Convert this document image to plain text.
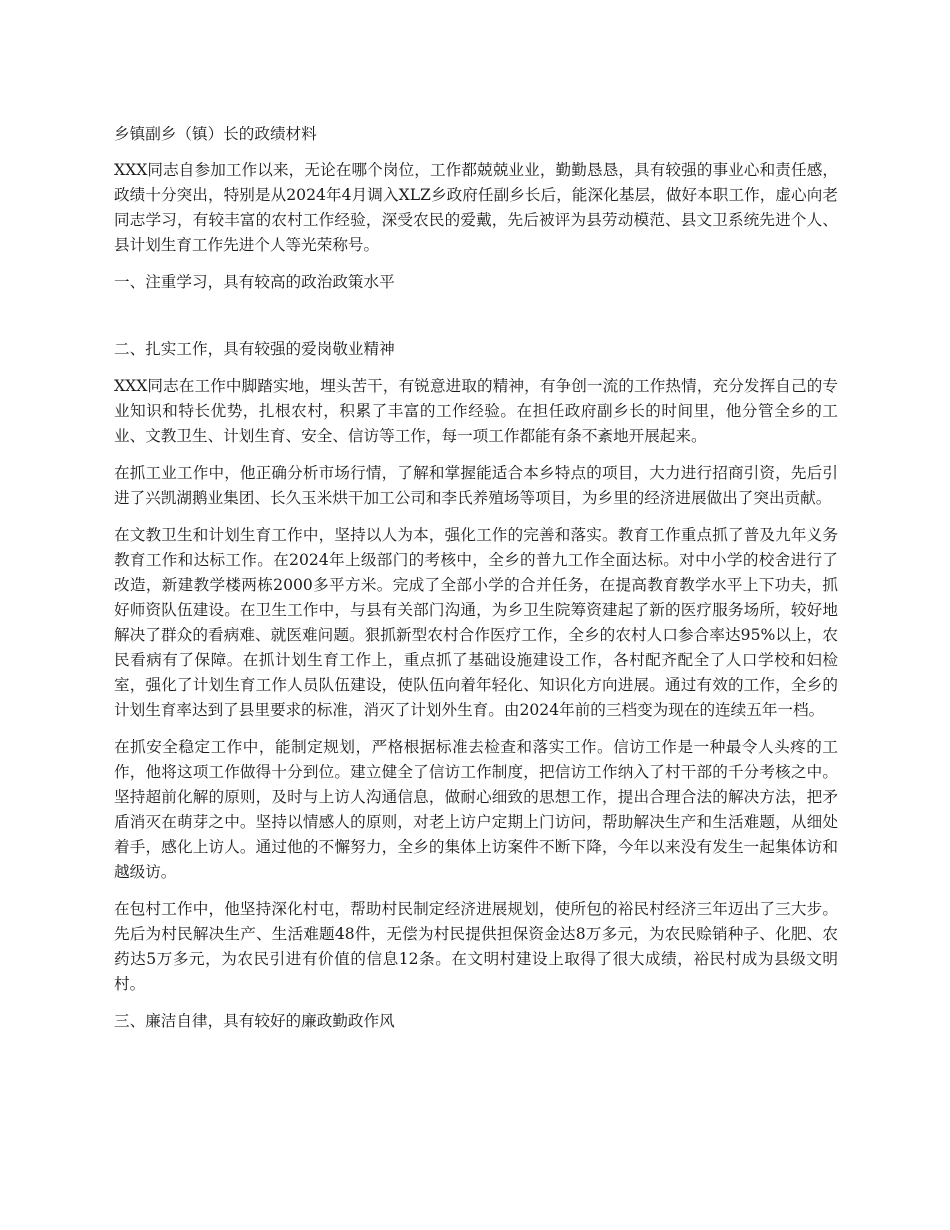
乡镇副乡（镇）长的政绩材料

XXX同志自参加工作以来，无论在哪个岗位，工作都兢兢业业，勤勤恳恳，具有较强的事业心和责任感，政绩十分突出，特别是从2024年4月调入XLZ乡政府任副乡长后，能深化基层，做好本职工作，虚心向老同志学习，有较丰富的农村工作经验，深受农民的爱戴，先后被评为县劳动模范、县文卫系统先进个人、县计划生育工作先进个人等光荣称号。

一、注重学习，具有较高的政治政策水平

二、扎实工作，具有较强的爱岗敬业精神

XXX同志在工作中脚踏实地，埋头苦干，有锐意进取的精神，有争创一流的工作热情，充分发挥自己的专业知识和特长优势，扎根农村，积累了丰富的工作经验。在担任政府副乡长的时间里，他分管全乡的工业、文教卫生、计划生育、安全、信访等工作，每一项工作都能有条不紊地开展起来。

在抓工业工作中，他正确分析市场行情，了解和掌握能适合本乡特点的项目，大力进行招商引资，先后引进了兴凯湖鹅业集团、长久玉米烘干加工公司和李氏养殖场等项目，为乡里的经济进展做出了突出贡献。

在文教卫生和计划生育工作中，坚持以人为本，强化工作的完善和落实。教育工作重点抓了普及九年义务教育工作和达标工作。在2024年上级部门的考核中，全乡的普九工作全面达标。对中小学的校舍进行了改造，新建教学楼两栋2000多平方米。完成了全部小学的合并任务，在提高教育教学水平上下功夫，抓好师资队伍建设。在卫生工作中，与县有关部门沟通，为乡卫生院筹资建起了新的医疗服务场所，较好地解决了群众的看病难、就医难问题。狠抓新型农村合作医疗工作，全乡的农村人口参合率达95%以上，农民看病有了保障。在抓计划生育工作上，重点抓了基础设施建设工作，各村配齐配全了人口学校和妇检室，强化了计划生育工作人员队伍建设，使队伍向着年轻化、知识化方向进展。通过有效的工作，全乡的计划生育率达到了县里要求的标准，消灭了计划外生育。由2024年前的三档变为现在的连续五年一档。

在抓安全稳定工作中，能制定规划，严格根据标准去检查和落实工作。信访工作是一种最令人头疼的工作，他将这项工作做得十分到位。建立健全了信访工作制度，把信访工作纳入了村干部的千分考核之中。坚持超前化解的原则，及时与上访人沟通信息，做耐心细致的思想工作，提出合理合法的解决方法，把矛盾消灭在萌芽之中。坚持以情感人的原则，对老上访户定期上门访问，帮助解决生产和生活难题，从细处着手，感化上访人。通过他的不懈努力，全乡的集体上访案件不断下降，今年以来没有发生一起集体访和越级访。

在包村工作中，他坚持深化村屯，帮助村民制定经济进展规划，使所包的裕民村经济三年迈出了三大步。先后为村民解决生产、生活难题48件，无偿为村民提供担保资金达8万多元，为农民赊销种子、化肥、农药达5万多元，为农民引进有价值的信息12条。在文明村建设上取得了很大成绩，裕民村成为县级文明村。

三、廉洁自律，具有较好的廉政勤政作风
